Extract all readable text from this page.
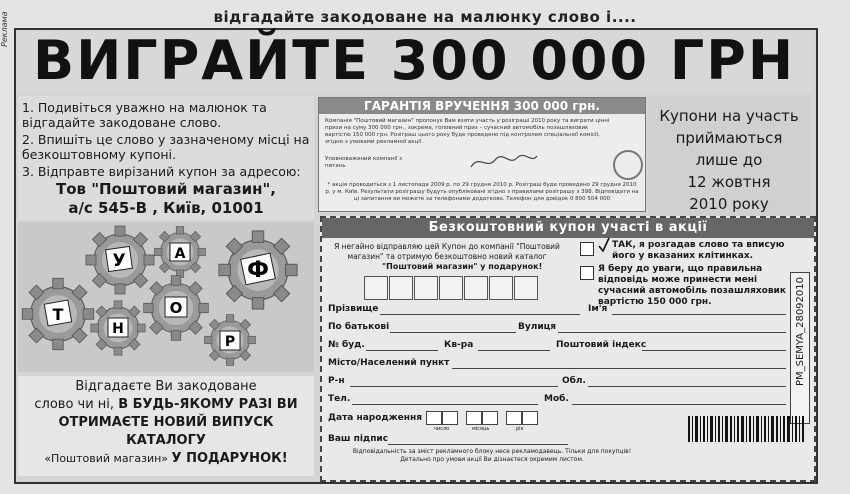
Реклама	відгадайте закодоване на малюнку слово і....
ВИГРАЙТЕ 300 000 ГРН
1. Подивіться уважно на малюнок та відгадайте закодоване слово.
2. Впишіть це слово у зазначеному місці на безкоштовному купоні.
3. Відправте вирізаний купон за адресою:
Тов "Поштовий магазин",
а/с 545-В , Київ, 01001
ГАРАНТІЯ ВРУЧЕННЯ 300 000 грн.
Компанія "Поштовий магазин" пропонує Вам взяти участь у розіграші 2010 року та виграти цінні призи на суму 300 000 грн., зокрема, головний приз – сучасний автомобіль позашляховик вартістю 150 000 грн. Розіграш цього року буде проведено під контролем спеціальної комісії, згідно з умовами рекламної акції.
Уповноважений компанії з питань
* акція проводиться з 1 листопада 2009 р. по 29 грудня 2010 р. Розіграш буде проведено 29 грудня 2010 р. у м. Київ. Результати розіграшу будуть опубліковані згідно з правилами розіграшу з 398. Відповідати на ці запитання ви можете за телефонами додатково. Телефон для довідок 0 800 504 000
Купони на участь
приймаються
лише до
12 жовтня
2010 року
У	А
Ф
Т	О
Н
Р
Відгадаєте Ви закодоване
слово чи ні, В БУДЬ-ЯКОМУ РАЗІ ВИ
ОТРИМАЄТЕ НОВИЙ ВИПУСК КАТАЛОГУ
«Поштовий магазин» У ПОДАРУНОК!
Безкоштовний купон участі в акції
Я негайно відправляю цей Купон до компанії "Поштовий магазин" та отримую безкоштовно новий каталог
"Поштовий магазин" у подарунок!
ТАК, я розгадав слово та вписую його у вказаних клітинках.
Я беру до уваги, що правильна відповідь може принести мені сучасний автомобіль позашляховик вартістю 150 000 грн.
Прізвище	Ім'я
По батькові	Вулиця
№ буд.	Кв-ра	Поштовий індекс
Місто/Населений пункт
Р-н	Обл.
Тел.	Моб.
Дата народження
число	місяць	рік
Ваш підпис
Відповідальність за зміст рекламного блоку несе рекламодавець. Тільки для покупців!
Детально про умови акції Ви дізнаєтеся окремим листом.
РМ_SEMYA_28092010
